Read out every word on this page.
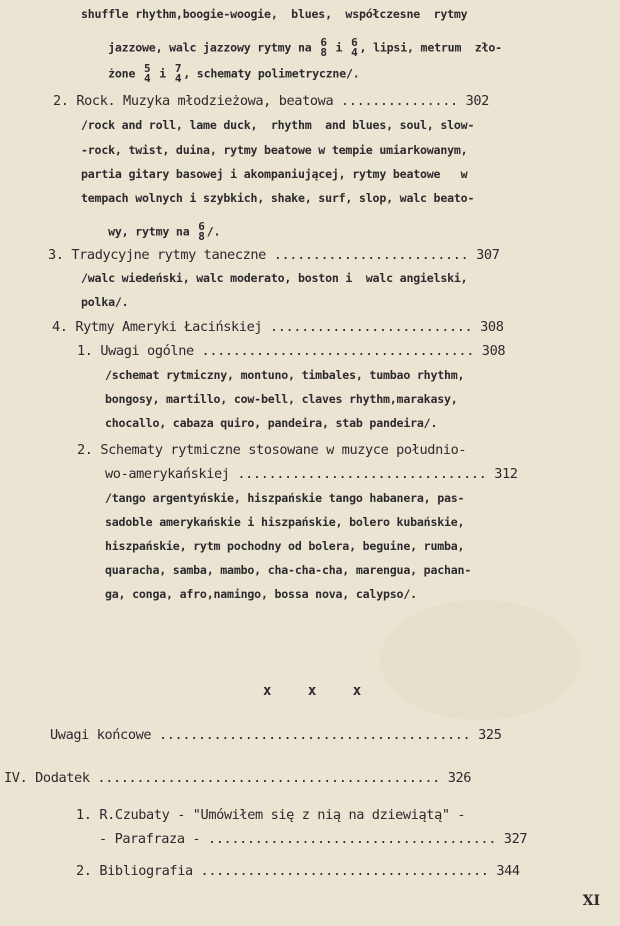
shuffle rhythm,boogie-woogie,  blues,  współczesne  rytmy

jazzowe, walc jazzowy rytmy na 6
8 i 6
4 , lipsi, metrum  zło-

żone 5
4 i 7
4 , schematy polimetryczne/.

2. Rock. Muzyka młodzieżowa, beatowa ............... 302
/rock and roll, lame duck,  rhythm  and blues, soul, slow-
-rock, twist, duina, rytmy beatowe w tempie umiarkowanym,
partia gitary basowej i akompaniującej, rytmy beatowe   w
tempach wolnych i szybkich, shake, surf, slop, walc beato-

wy, rytmy na 6
8 /.

3. Tradycyjne rytmy taneczne ......................... 307
/walc wiedeński, walc moderato, boston i  walc angielski,
polka/.
4. Rytmy Ameryki Łacińskiej .......................... 308
1. Uwagi ogólne ................................... 308
/schemat rytmiczny, montuno, timbales, tumbao rhythm,
bongosy, martillo, cow-bell, claves rhythm,marakasy,
chocallo, cabaza quiro, pandeira, stab pandeira/.
2. Schematy rytmiczne stosowane w muzyce południo-
wo-amerykańskiej ................................ 312
/tango argentyńskie, hiszpańskie tango habanera, pas-
sadoble amerykańskie i hiszpańskie, bolero kubańskie,
hiszpańskie, rytm pochodny od bolera, beguine, rumba,
quaracha, samba, mambo, cha-cha-cha, marengua, pachan-
ga, conga, afro,namingo, bossa nova, calypso/.
x x x
Uwagi końcowe ........................................ 325
IV. Dodatek ............................................ 326
1. R.Czubaty - "Umówiłem się z nią na dziewiątą" -
- Parafraza - ..................................... 327
2. Bibliografia ..................................... 344
XI
